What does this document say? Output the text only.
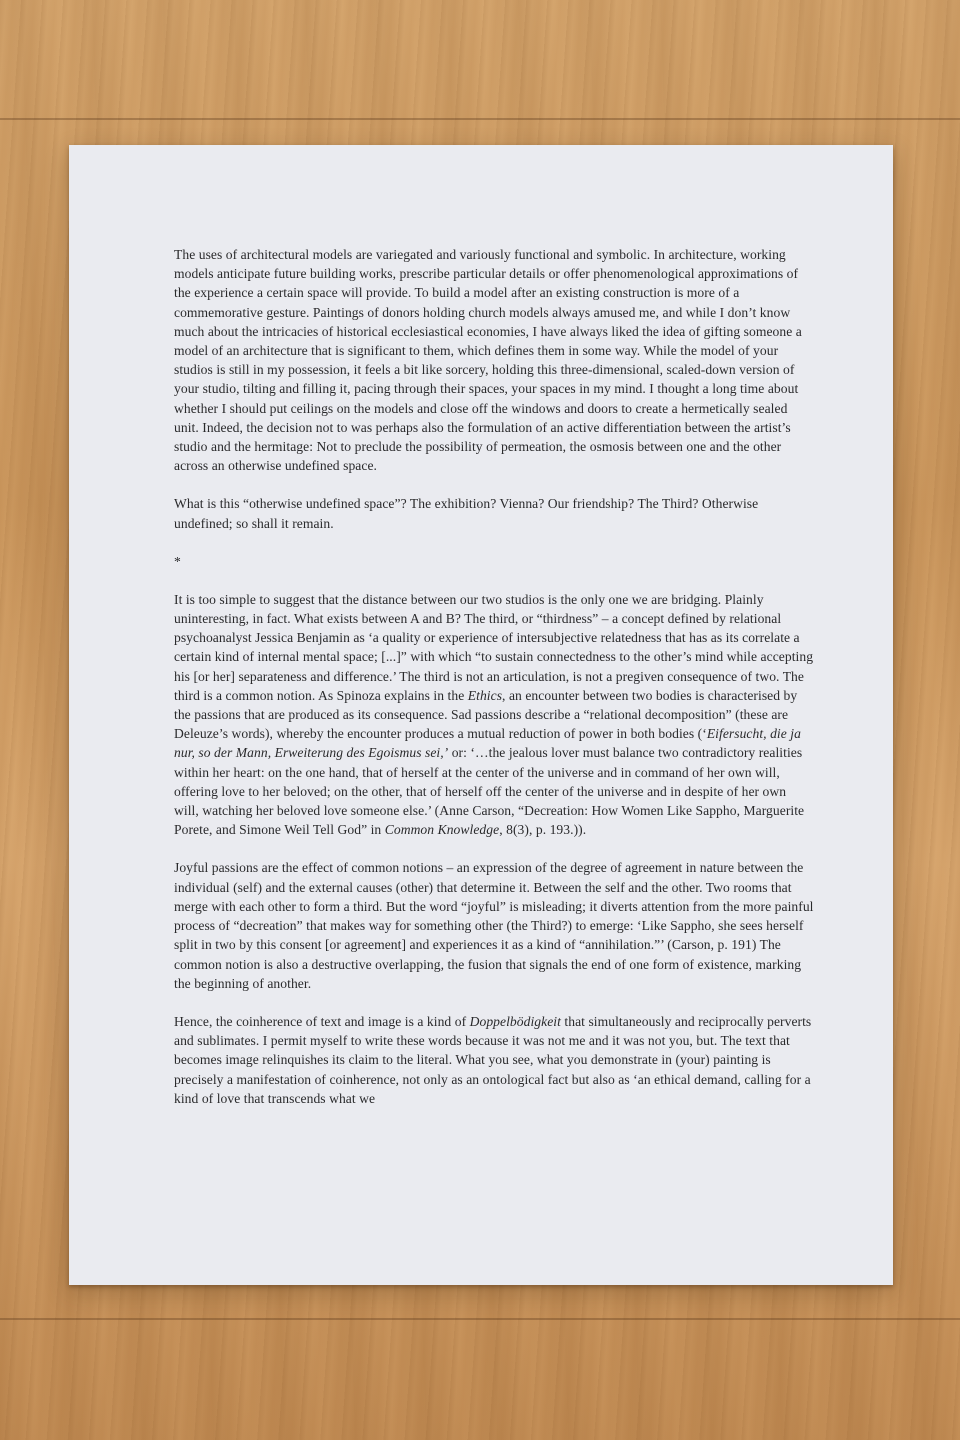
The uses of architectural models are variegated and variously functional and symbolic. In architecture, working models anticipate future building works, prescribe particular details or offer phenomenological approximations of the experience a certain space will provide. To build a model after an existing construction is more of a commemorative gesture. Paintings of donors holding church models always amused me, and while I don’t know much about the intricacies of historical ecclesiastical economies, I have always liked the idea of gifting someone a model of an architecture that is significant to them, which defines them in some way. While the model of your studios is still in my possession, it feels a bit like sorcery, holding this three-dimensional, scaled-down version of your studio, tilting and filling it, pacing through their spaces, your spaces in my mind. I thought a long time about whether I should put ceilings on the models and close off the windows and doors to create a hermetically sealed unit. Indeed, the decision not to was perhaps also the formulation of an active differentiation between the artist’s studio and the hermitage: Not to preclude the possibility of permeation, the osmosis between one and the other across an otherwise undefined space.

What is this “otherwise undefined space”? The exhibition? Vienna? Our friendship? The Third? Otherwise undefined; so shall it remain.

*

It is too simple to suggest that the distance between our two studios is the only one we are bridging. Plainly uninteresting, in fact. What exists between A and B? The third, or “thirdness” – a concept defined by relational psychoanalyst Jessica Benjamin as ‘a quality or experience of intersubjective relatedness that has as its correlate a certain kind of internal mental space; [...]” with which “to sustain connectedness to the other’s mind while accepting his [or her] separateness and difference.’ The third is not an articulation, is not a pregiven consequence of two. The third is a common notion. As Spinoza explains in the Ethics, an encounter between two bodies is characterised by the passions that are produced as its consequence. Sad passions describe a “relational decomposition” (these are Deleuze’s words), whereby the encounter produces a mutual reduction of power in both bodies (‘Eifersucht, die ja nur, so der Mann, Erweiterung des Egoismus sei,’ or: ‘…the jealous lover must balance two contradictory realities within her heart: on the one hand, that of herself at the center of the universe and in command of her own will, offering love to her beloved; on the other, that of herself off the center of the universe and in despite of her own will, watching her beloved love someone else.’ (Anne Carson, “Decreation: How Women Like Sappho, Marguerite Porete, and Simone Weil Tell God” in Common Knowledge, 8(3), p. 193.)).

Joyful passions are the effect of common notions – an expression of the degree of agreement in nature between the individual (self) and the external causes (other) that determine it. Between the self and the other. Two rooms that merge with each other to form a third. But the word “joyful” is misleading; it diverts attention from the more painful process of “decreation” that makes way for something other (the Third?) to emerge: ‘Like Sappho, she sees herself split in two by this consent [or agreement] and experiences it as a kind of “annihilation.”’ (Carson, p. 191) The common notion is also a destructive overlapping, the fusion that signals the end of one form of existence, marking the beginning of another.

Hence, the coinherence of text and image is a kind of Doppelbödigkeit that simultaneously and reciprocally perverts and sublimates. I permit myself to write these words because it was not me and it was not you, but. The text that becomes image relinquishes its claim to the literal. What you see, what you demonstrate in (your) painting is precisely a manifestation of coinherence, not only as an ontological fact but also as ‘an ethical demand, calling for a kind of love that transcends what we
